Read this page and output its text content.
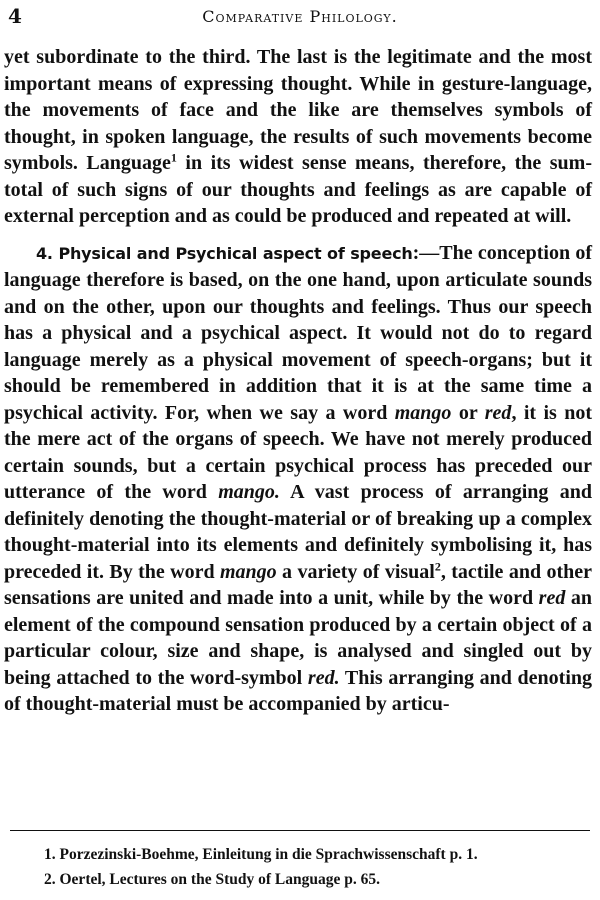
4	Comparative Philology.

yet subordinate to the third. The last is the legitimate and the most important means of expressing thought. While in gesture-language, the movements of face and the like are themselves symbols of thought, in spoken language, the results of such movements become symbols. Language$^1$ in its widest sense means, therefore, the sum-total of such signs of our thoughts and feelings as are capable of external perception and as could be produced and repeated at will.

4. Physical and Psychical aspect of speech:—The conception of language therefore is based, on the one hand, upon articulate sounds and on the other, upon our thoughts and feelings. Thus our speech has a physical and a psychical aspect. It would not do to regard language merely as a physical movement of speech-organs; but it should be remembered in addition that it is at the same time a psychical activity. For, when we say a word mango or red, it is not the mere act of the organs of speech. We have not merely produced certain sounds, but a certain psychical process has preceded our utterance of the word mango. A vast process of arranging and definitely denoting the thought-material or of breaking up a complex thought-material into its elements and definitely symbolising it, has preceded it. By the word mango a variety of visual$^2$, tactile and other sensations are united and made into a unit, while by the word red an element of the compound sensation produced by a certain object of a particular colour, size and shape, is analysed and singled out by being attached to the word-symbol red. This arranging and denoting of thought-material must be accompanied by articu-

1. Porzezinski-Boehme, Einleitung in die Sprachwissenschaft p. 1.
2. Oertel, Lectures on the Study of Language p. 65.
